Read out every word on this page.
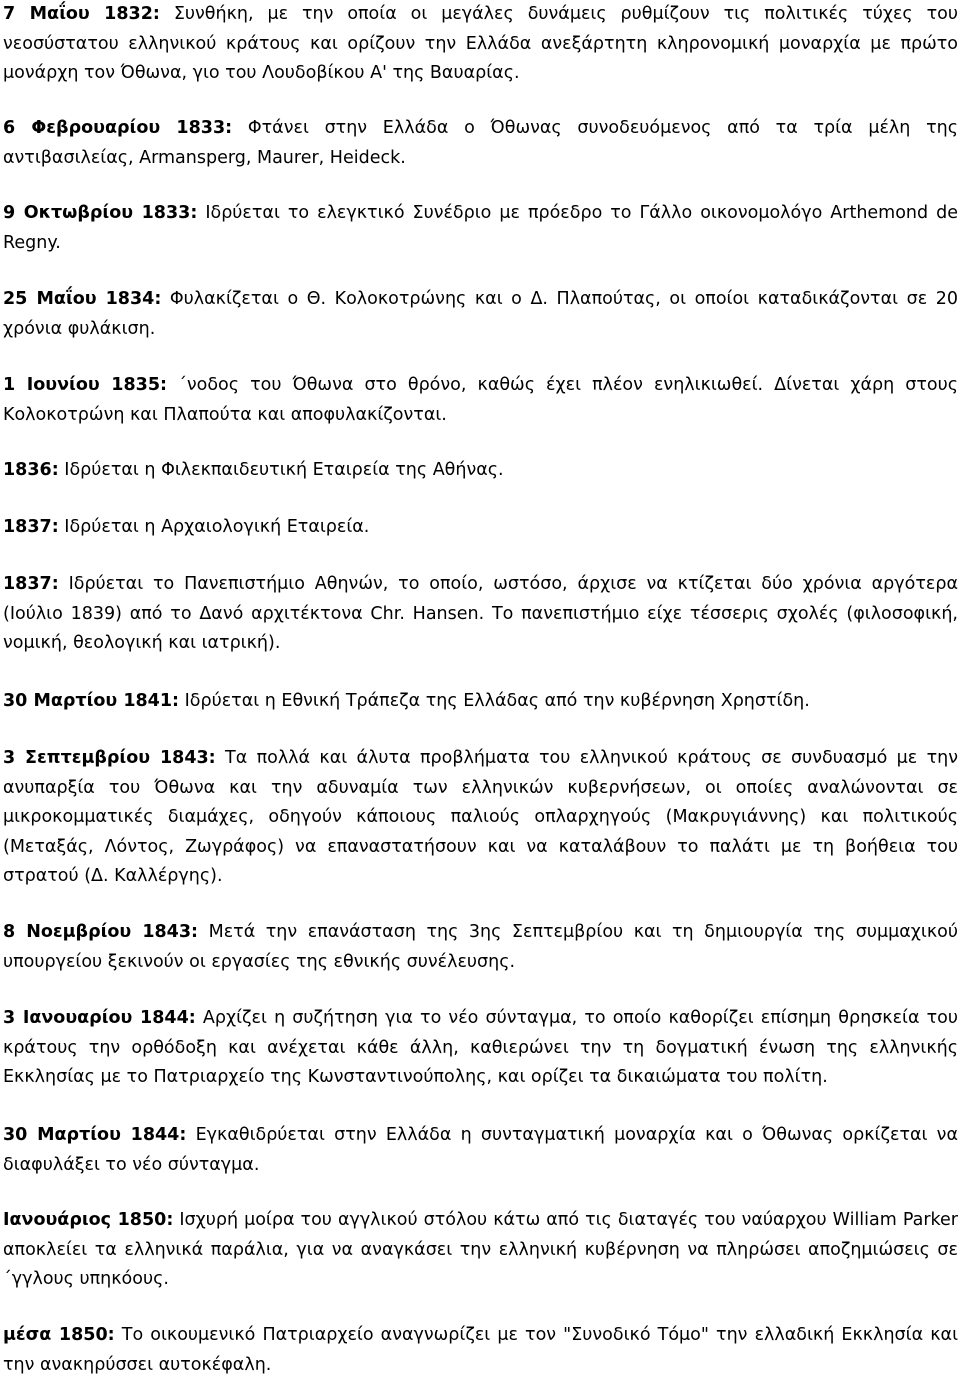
7 Μαΐου 1832: Συνθήκη, με την οποία οι μεγάλες δυνάμεις ρυθμίζουν τις πολιτικές τύχες του νεοσύστατου ελληνικού κράτους και ορίζουν την Ελλάδα ανεξάρτητη κληρονομική μοναρχία με πρώτο μονάρχη τον Όθωνα, γιο του Λουδοβίκου Α' της Βαυαρίας.

6 Φεβρουαρίου 1833: Φτάνει στην Ελλάδα ο Όθωνας συνοδευόμενος από τα τρία μέλη της αντιβασιλείας, Armansperg, Maurer, Heideck.

9 Οκτωβρίου 1833: Ιδρύεται το ελεγκτικό Συνέδριο με πρόεδρο το Γάλλο οικονομολόγο Arthemond de Regny.

25 Μαΐου 1834: Φυλακίζεται ο Θ. Κολοκοτρώνης και ο Δ. Πλαπούτας, οι οποίοι καταδικάζονται σε 20 χρόνια φυλάκιση.

1 Ιουνίου 1835: ΄νοδος του Όθωνα στο θρόνο, καθώς έχει πλέον ενηλικιωθεί. Δίνεται χάρη στους Κολοκοτρώνη και Πλαπούτα και αποφυλακίζονται.

1836: Ιδρύεται η Φιλεκπαιδευτική Εταιρεία της Αθήνας.

1837: Ιδρύεται η Αρχαιολογική Εταιρεία.

1837: Ιδρύεται το Πανεπιστήμιο Αθηνών, το οποίο, ωστόσο, άρχισε να κτίζεται δύο χρόνια αργότερα (Ιούλιο 1839) από το Δανό αρχιτέκτονα Chr. Hansen. Το πανεπιστήμιο είχε τέσσερις σχολές (φιλοσοφική, νομική, θεολογική και ιατρική).

30 Μαρτίου 1841: Ιδρύεται η Εθνική Τράπεζα της Ελλάδας από την κυβέρνηση Χρηστίδη.

3 Σεπτεμβρίου 1843: Τα πολλά και άλυτα προβλήματα του ελληνικού κράτους σε συνδυασμό με την ανυπαρξία του Όθωνα και την αδυναμία των ελληνικών κυβερνήσεων, οι οποίες αναλώνονται σε μικροκομματικές διαμάχες, οδηγούν κάποιους παλιούς οπλαρχηγούς (Μακρυγιάννης) και πολιτικούς (Μεταξάς, Λόντος, Ζωγράφος) να επαναστατήσουν και να καταλάβουν το παλάτι με τη βοήθεια του στρατού (Δ. Καλλέργης).

8 Νοεμβρίου 1843: Μετά την επανάσταση της 3ης Σεπτεμβρίου και τη δημιουργία της συμμαχικού υπουργείου ξεκινούν οι εργασίες της εθνικής συνέλευσης.

3 Ιανουαρίου 1844: Αρχίζει η συζήτηση για το νέο σύνταγμα, το οποίο καθορίζει επίσημη θρησκεία του κράτους την ορθόδοξη και ανέχεται κάθε άλλη, καθιερώνει την τη δογματική ένωση της ελληνικής Εκκλησίας με το Πατριαρχείο της Κωνσταντινούπολης, και ορίζει τα δικαιώματα του πολίτη.

30 Μαρτίου 1844: Εγκαθιδρύεται στην Ελλάδα η συνταγματική μοναρχία και ο Όθωνας ορκίζεται να διαφυλάξει το νέο σύνταγμα.

Ιανουάριος 1850: Ισχυρή μοίρα του αγγλικού στόλου κάτω από τις διαταγές του ναύαρχου William Parker αποκλείει τα ελληνικά παράλια, για να αναγκάσει την ελληνική κυβέρνηση να πληρώσει αποζημιώσεις σε ΄γγλους υπηκόους.

μέσα 1850: Το οικουμενικό Πατριαρχείο αναγνωρίζει με τον "Συνοδικό Τόμο" την ελλαδική Εκκλησία και την ανακηρύσσει αυτοκέφαλη.
